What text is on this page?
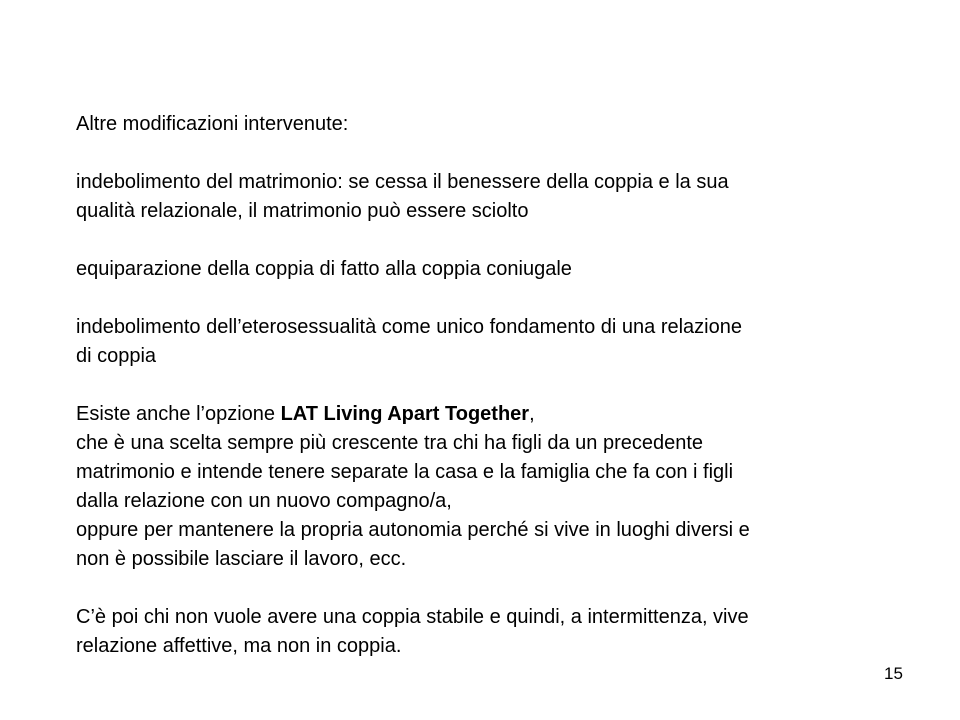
Altre modificazioni intervenute:
indebolimento del matrimonio: se cessa il benessere della coppia e la sua
qualità relazionale, il matrimonio può essere sciolto
equiparazione della coppia di fatto alla coppia coniugale
indebolimento dell’eterosessualità come unico fondamento di una relazione
di coppia
Esiste anche l’opzione LAT Living Apart Together,
che è una scelta sempre più crescente tra chi ha figli da un precedente
matrimonio e intende tenere separate la casa e la famiglia che fa con i figli
dalla relazione con un nuovo compagno/a,
oppure per mantenere la propria autonomia perché si vive in luoghi diversi e
non è possibile lasciare il lavoro, ecc.
C’è poi chi non vuole avere una coppia stabile e quindi, a intermittenza, vive
relazione affettive, ma non in coppia.
15
